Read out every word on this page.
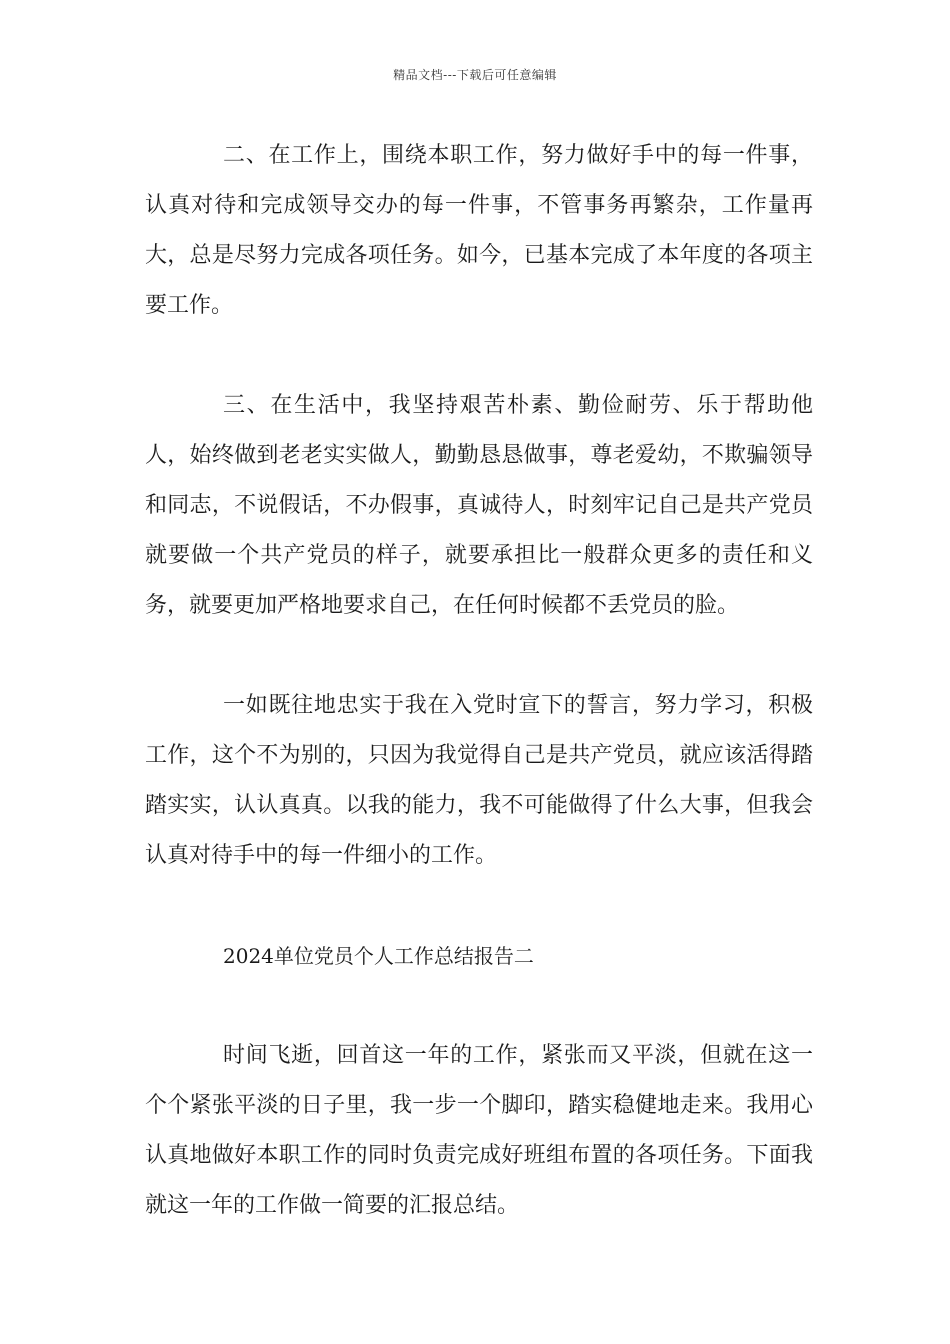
精品文档---下载后可任意编辑

二、在工作上，围绕本职工作，努力做好手中的每一件事，认真对待和完成领导交办的每一件事，不管事务再繁杂，工作量再大，总是尽努力完成各项任务。如今，已基本完成了本年度的各项主要工作。

三、在生活中，我坚持艰苦朴素、勤俭耐劳、乐于帮助他人，始终做到老老实实做人，勤勤恳恳做事，尊老爱幼，不欺骗领导和同志，不说假话，不办假事，真诚待人，时刻牢记自己是共产党员就要做一个共产党员的样子，就要承担比一般群众更多的责任和义务，就要更加严格地要求自己，在任何时候都不丢党员的脸。

一如既往地忠实于我在入党时宣下的誓言，努力学习，积极工作，这个不为别的，只因为我觉得自己是共产党员，就应该活得踏踏实实，认认真真。以我的能力，我不可能做得了什么大事，但我会认真对待手中的每一件细小的工作。

2024单位党员个人工作总结报告二

时间飞逝，回首这一年的工作，紧张而又平淡，但就在这一个个紧张平淡的日子里，我一步一个脚印，踏实稳健地走来。我用心认真地做好本职工作的同时负责完成好班组布置的各项任务。下面我就这一年的工作做一简要的汇报总结。
